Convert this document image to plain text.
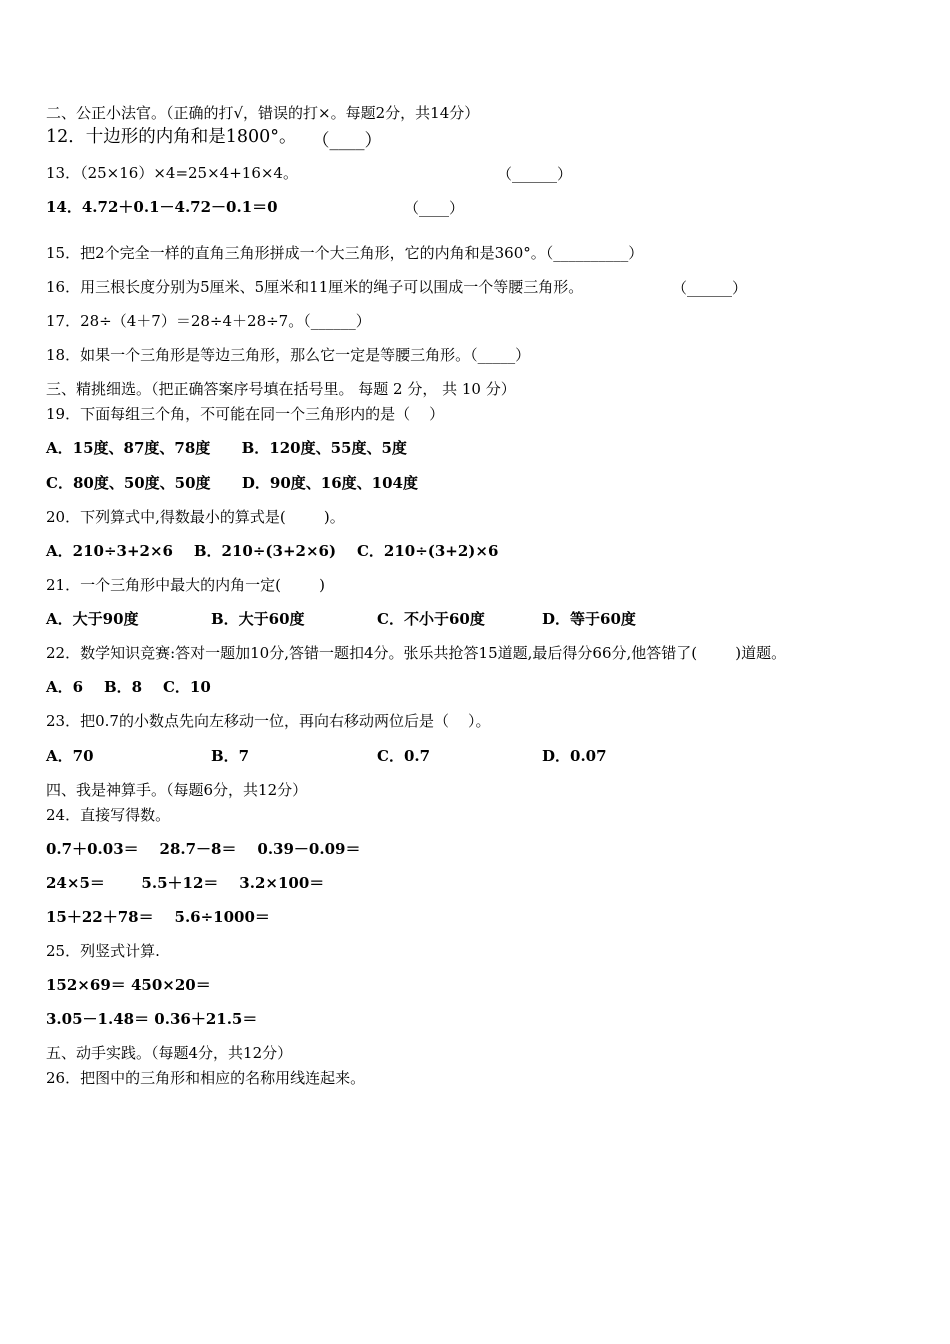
二、公正小法官。（正确的打√，错误的打×。每题2分，共14分）
12．十边形的内角和是1800°。 （____）
13．（25×16）×4=25×4+16×4。	（______）
14．4.72＋0.1－4.72－0.1＝0	（____）
15．把2个完全一样的直角三角形拼成一个大三角形，它的内角和是360°。（__________）
16．用三根长度分别为5厘米、5厘米和11厘米的绳子可以围成一个等腰三角形。	（______）
17．28÷（4＋7）＝28÷4＋28÷7。（______）
18．如果一个三角形是等边三角形，那么它一定是等腰三角形。（_____）
三、精挑细选。（把正确答案序号填在括号里。 每题 2 分， 共 10 分）
19．下面每组三个角，不可能在同一个三角形内的是（    ）
A．15度、87度、78度      B．120度、55度、5度
C．80度、50度、50度      D．90度、16度、104度
20．下列算式中,得数最小的算式是(        )。
A．210÷3+2×6    B．210÷(3+2×6)    C．210÷(3+2)×6
21．一个三角形中最大的内角一定(        )
A．大于90度	B．大于60度	C．不小于60度	D．等于60度
22．数学知识竞赛:答对一题加10分,答错一题扣4分。张乐共抢答15道题,最后得分66分,他答错了(        )道题。
A．6    B．8    C．10
23．把0.7的小数点先向左移动一位，再向右移动两位后是（    ）。
A．70	B．7	C．0.7	D．0.07
四、我是神算手。（每题6分，共12分）
24．直接写得数。
0.7＋0.03＝    28.7－8＝    0.39－0.09＝
24×5＝       5.5＋12＝    3.2×100＝
15＋22＋78＝    5.6÷1000＝
25．列竖式计算.
152×69＝ 450×20＝
3.05－1.48＝ 0.36＋21.5＝
五、动手实践。（每题4分，共12分）
26．把图中的三角形和相应的名称用线连起来。
